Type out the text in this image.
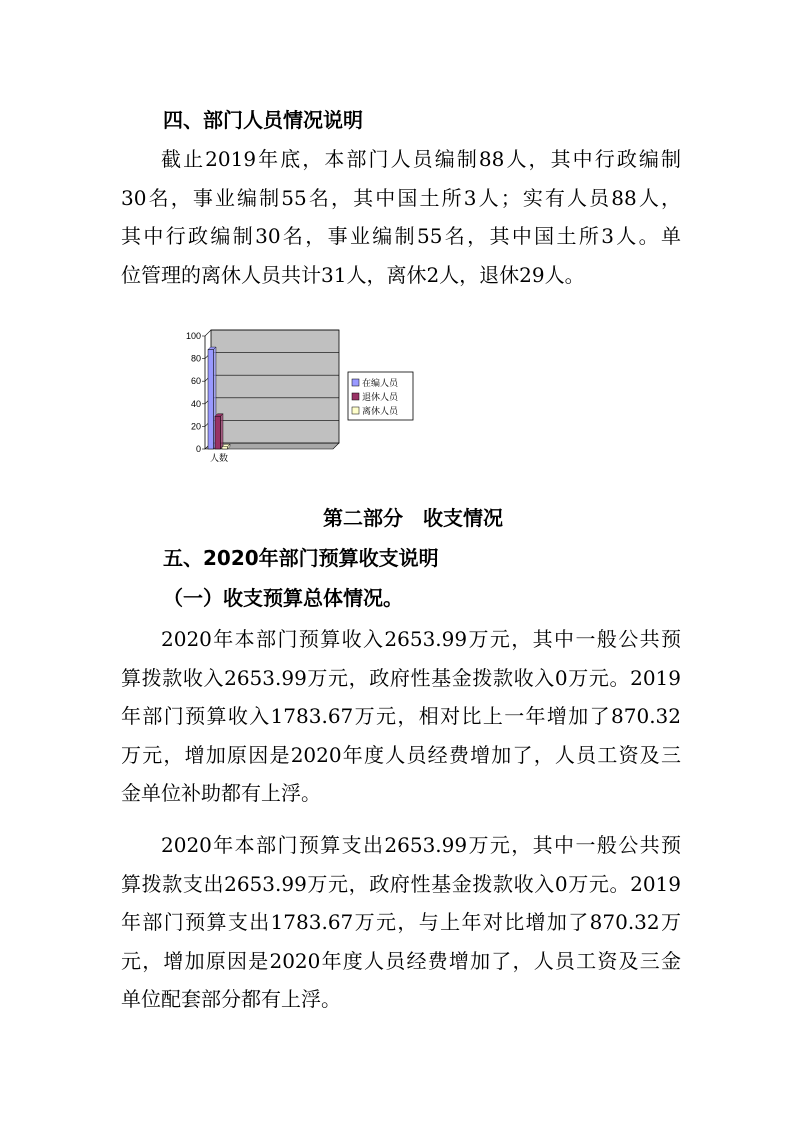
四、部门人员情况说明
截止2019年底，本部门人员编制88人，其中行政编制
30名，事业编制55名，其中国土所3人；实有人员88人，
其中行政编制30名，事业编制55名，其中国土所3人。单
位管理的离休人员共计31人，离休2人，退休29人。
0
20
40
60
80
100
人数
在编人员
退休人员
离休人员
第二部分　收支情况
五、2020年部门预算收支说明
（一）收支预算总体情况。
2020年本部门预算收入2653.99万元，其中一般公共预
算拨款收入2653.99万元，政府性基金拨款收入0万元。2019
年部门预算收入1783.67万元，相对比上一年增加了870.32
万元，增加原因是2020年度人员经费增加了，人员工资及三
金单位补助都有上浮。
2020年本部门预算支出2653.99万元，其中一般公共预
算拨款支出2653.99万元，政府性基金拨款收入0万元。2019
年部门预算支出1783.67万元，与上年对比增加了870.32万
元，增加原因是2020年度人员经费增加了，人员工资及三金
单位配套部分都有上浮。
